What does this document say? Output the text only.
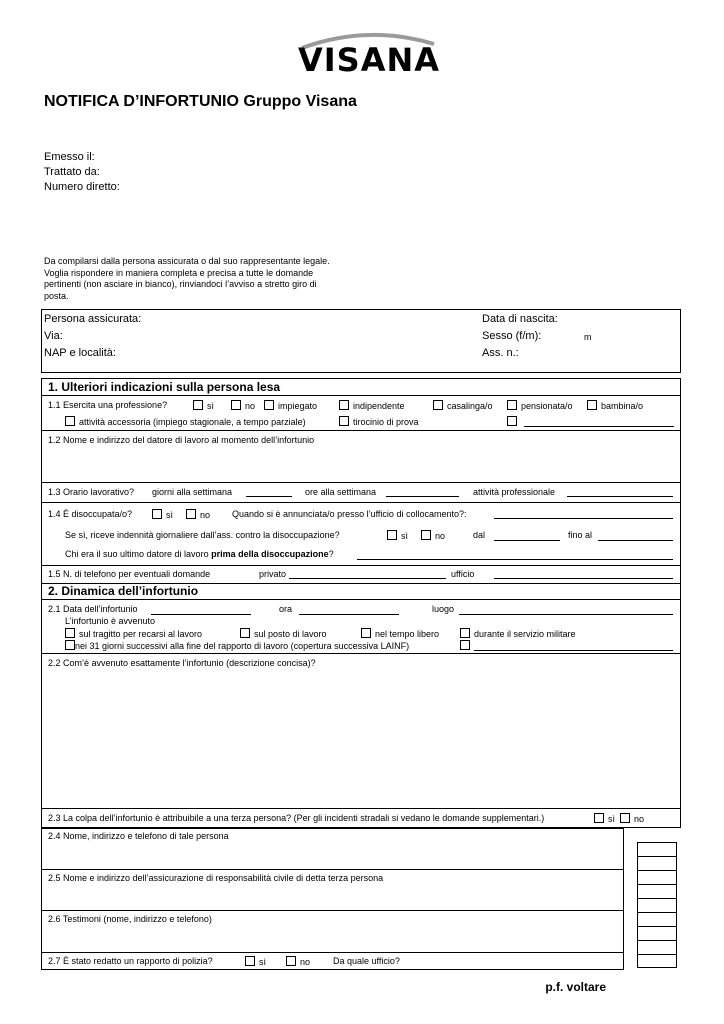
VISANA
NOTIFICA D’INFORTUNIO Gruppo Visana
Emesso il:
Trattato da:
Numero diretto:
Da compilarsi dalla persona assicurata o dal suo rappresentante legale. Voglia rispondere in maniera completa e precisa a tutte le domande pertinenti (non asciare in bianco), rinviandoci l’avviso a stretto giro di posta.
Persona assicurata:
Via:
NAP e località:
Data di nascita:
Sesso (f/m):	m
Ass. n.:
1. Ulteriori indicazioni sulla persona lesa
1.1 Esercita una professione?	sì	no	impiegato	indipendente	casalinga/o	pensionata/o	bambina/o
attività accessoria (impiego stagionale, a tempo parziale)	tirocinio di prova
1.2 Nome e indirizzo del datore di lavoro al momento dell’infortunio
1.3 Orario lavorativo? giorni alla settimana	ore alla settimana	attività professionale
1.4 È disoccupata/o?	sì	no Quando si è annunciata/o presso l’ufficio di collocamento?:
Se sì, riceve indennità giornaliere dall’ass. contro la disoccupazione?	sì	no	dal	fino al
Chi era il suo ultimo datore di lavoro prima della disoccupazione?
1.5 N. di telefono per eventuali domande	privato	ufficio
2. Dinamica dell’infortunio
2.1 Data dell’infortunio	ora	luogo
L’infortunio è avvenuto
sul tragitto per recarsi al lavoro	sul posto di lavoro	nel tempo libero	durante il servizio militare
nei 31 giorni successivi alla fine del rapporto di lavoro (copertura successiva LAINF)
2.2 Com’è avvenuto esattamente l’infortunio (descrizione concisa)?
2.3 La colpa dell’infortunio è attribuibile a una terza persona? (Per gli incidenti stradali si vedano le domande supplementari.)	sì	no
2.4 Nome, indirizzo e telefono di tale persona
2.5 Nome e indirizzo dell’assicurazione di responsabilità civile di detta terza persona
2.6 Testimoni (nome, indirizzo e telefono)
2.7 È stato redatto un rapporto di polizia?	sì	no	Da quale ufficio?
p.f. voltare
